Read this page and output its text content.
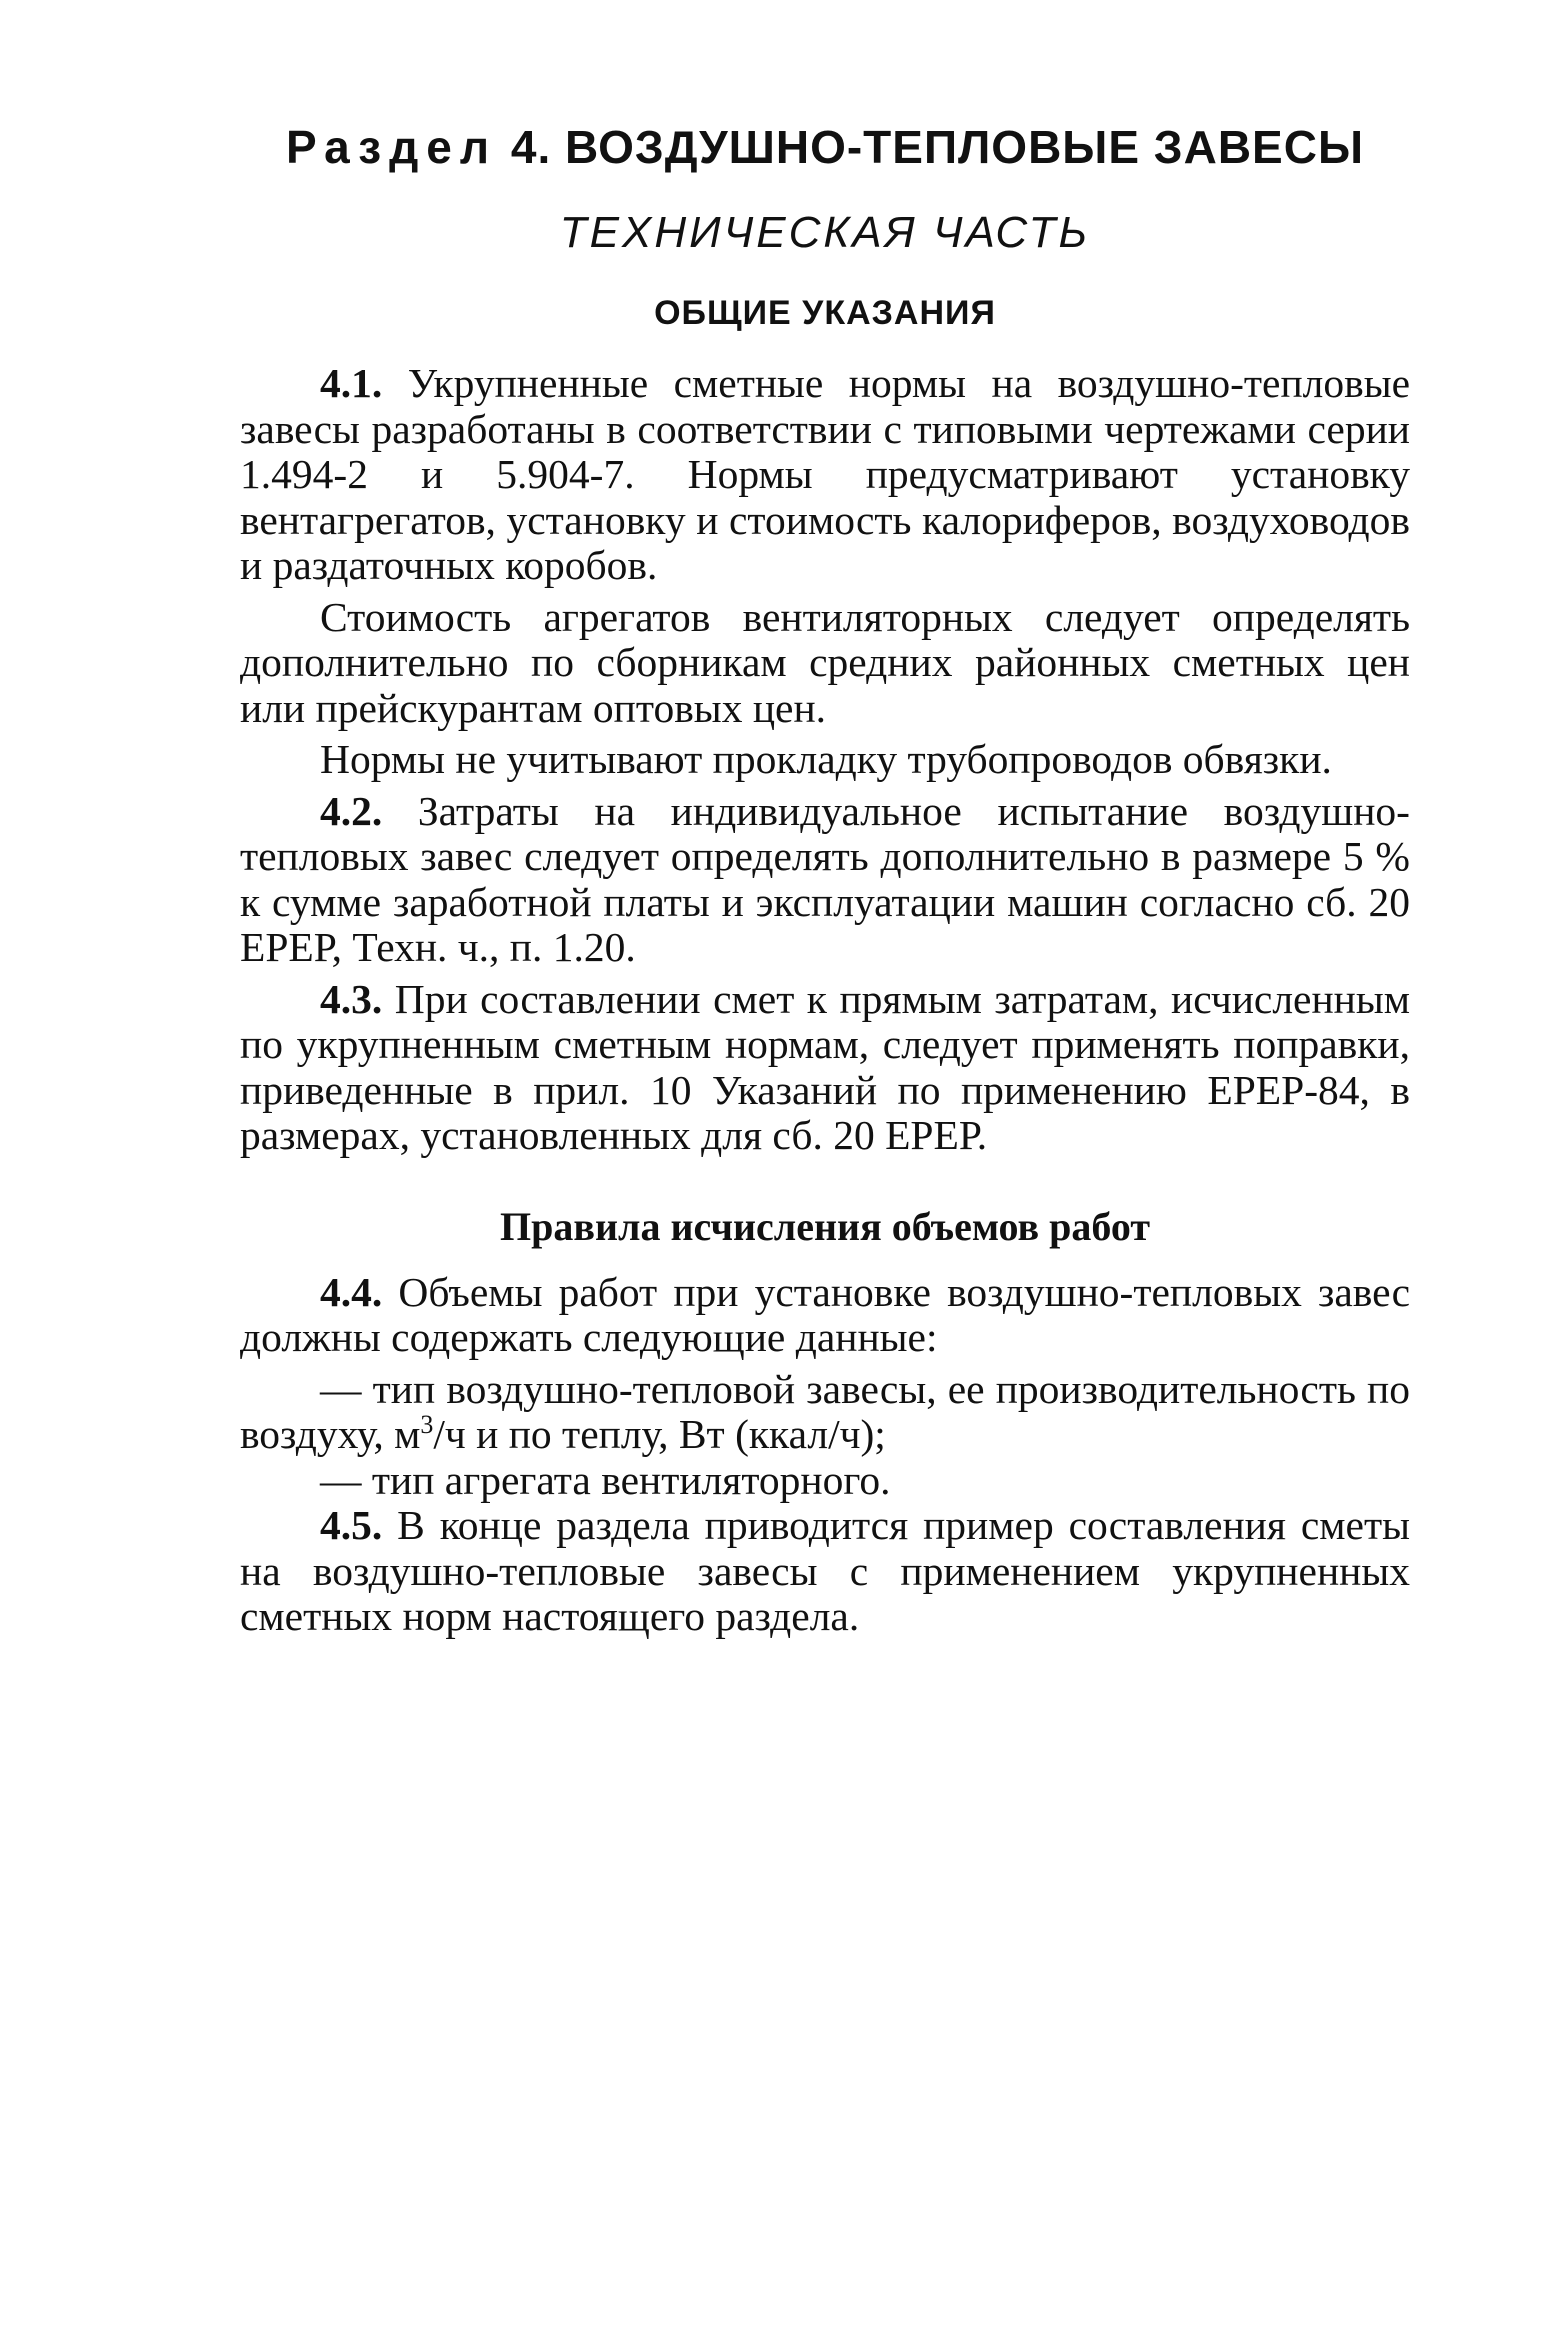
Раздел 4. ВОЗДУШНО-ТЕПЛОВЫЕ ЗАВЕСЫ
ТЕХНИЧЕСКАЯ ЧАСТЬ
ОБЩИЕ УКАЗАНИЯ

4.1. Укрупненные сметные нормы на воздушно-тепловые завесы разработаны в соответствии с типовыми чертежами серии 1.494-2 и 5.904-7. Нормы предусматривают установку вентагрегатов, установку и стоимость калориферов, воздуховодов и раздаточных коробов.

Стоимость агрегатов вентиляторных следует определять дополнительно по сборникам средних районных сметных цен или прейскурантам оптовых цен.

Нормы не учитывают прокладку трубопроводов обвязки.

4.2. Затраты на индивидуальное испытание воздушно-тепловых завес следует определять дополнительно в размере 5 % к сумме заработной платы и эксплуатации машин согласно сб. 20 ЕРЕР, Техн. ч., п. 1.20.

4.3. При составлении смет к прямым затратам, исчисленным по укрупненным сметным нормам, следует применять поправки, приведенные в прил. 10 Указаний по применению ЕРЕР-84, в размерах, установленных для сб. 20 ЕРЕР.

Правила исчисления объемов работ

4.4. Объемы работ при установке воздушно-тепловых завес должны содержать следующие данные:

— тип воздушно-тепловой завесы, ее производительность по воздуху, $м^3/ч$ и по теплу, Вт (ккал/ч);

— тип агрегата вентиляторного.

4.5. В конце раздела приводится пример составления сметы на воздушно-тепловые завесы с применением укрупненных сметных норм настоящего раздела.
